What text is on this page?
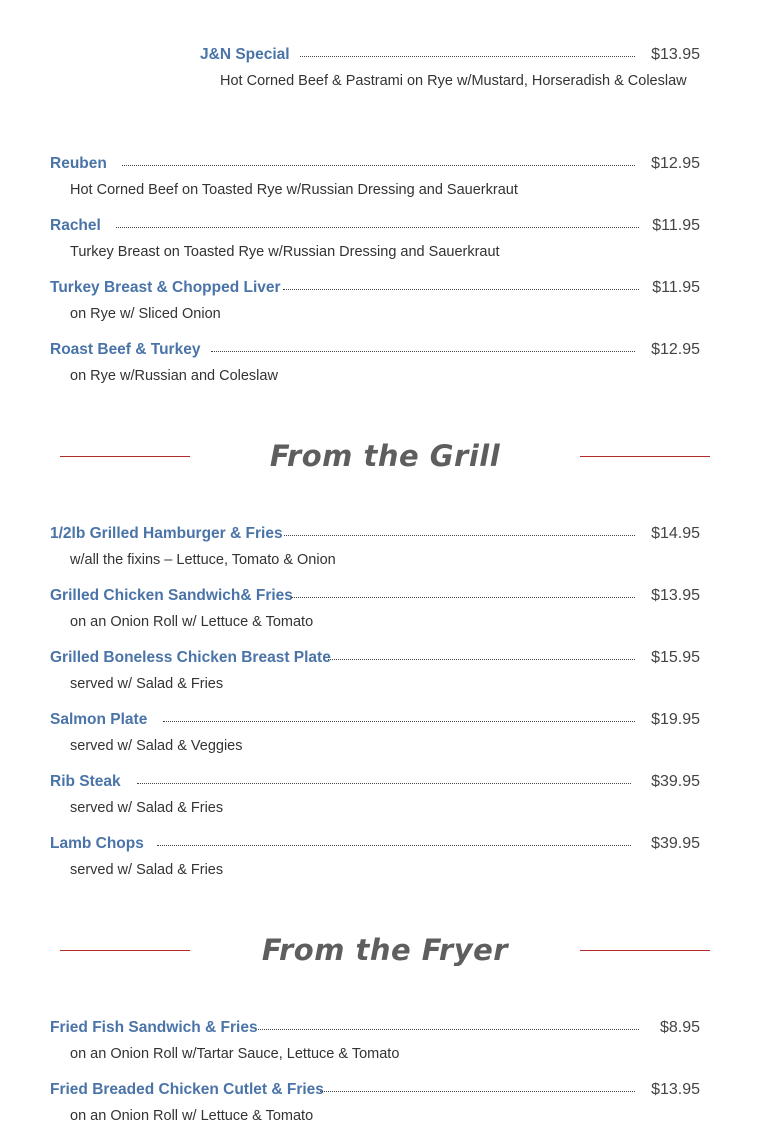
J&N Special	$13.95
Hot Corned Beef & Pastrami on Rye w/Mustard, Horseradish & Coleslaw
Reuben	$12.95
Hot Corned Beef on Toasted Rye w/Russian Dressing and Sauerkraut
Rachel	$11.95
Turkey Breast on Toasted Rye w/Russian Dressing and Sauerkraut
Turkey Breast & Chopped Liver	$11.95
on Rye w/ Sliced Onion
Roast Beef & Turkey	$12.95
on Rye w/Russian and Coleslaw
From the Grill
1/2lb Grilled Hamburger & Fries	$14.95
w/all the fixins – Lettuce, Tomato & Onion
Grilled Chicken Sandwich& Fries	$13.95
on an Onion Roll w/ Lettuce & Tomato
Grilled Boneless Chicken Breast Plate	$15.95
served w/ Salad & Fries
Salmon Plate	$19.95
served w/ Salad & Veggies
Rib Steak	$39.95
served w/ Salad & Fries
Lamb Chops	$39.95
served w/ Salad & Fries
From the Fryer
Fried Fish Sandwich & Fries	$8.95
on an Onion Roll w/Tartar Sauce, Lettuce & Tomato
Fried Breaded Chicken Cutlet & Fries	$13.95
on an Onion Roll w/ Lettuce & Tomato
